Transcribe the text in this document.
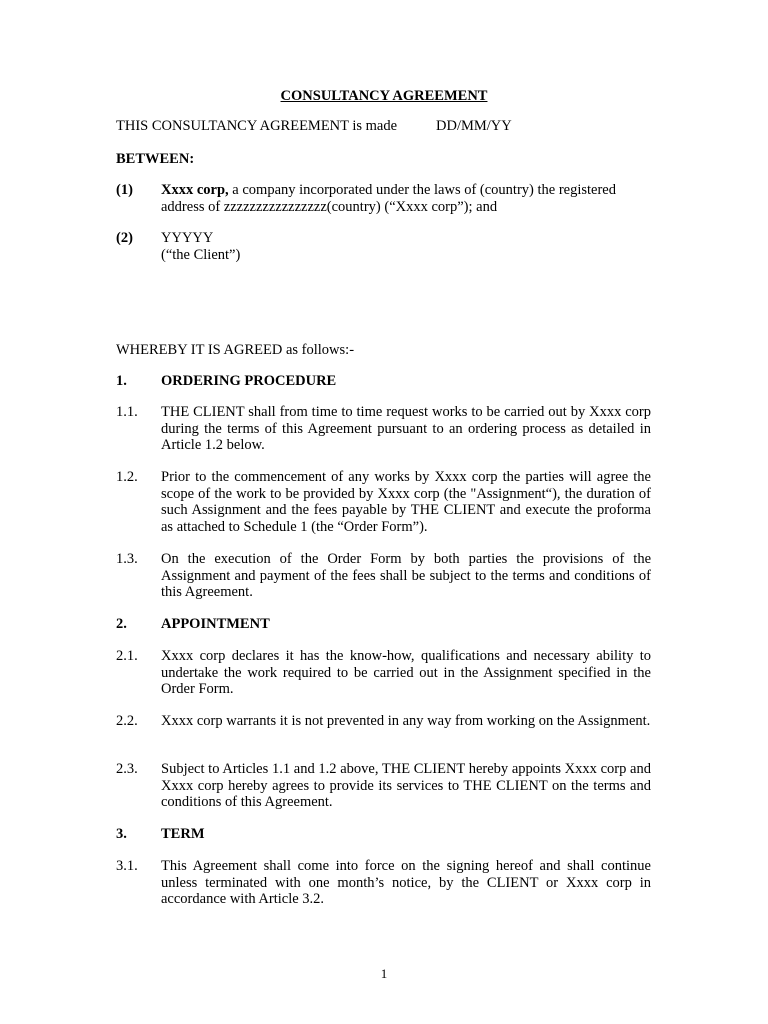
CONSULTANCY AGREEMENT
THIS CONSULTANCY AGREEMENT is made	DD/MM/YY
BETWEEN:
(1) Xxxx corp, a company incorporated under the laws of (country) the registered
address of zzzzzzzzzzzzzzzz(country) (“Xxxx corp”); and
(2) YYYYY
(“the Client”)
WHEREBY IT IS AGREED as follows:-
1. ORDERING PROCEDURE
1.1. THE CLIENT shall from time to time request works to be carried out by Xxxx corp during the terms of this Agreement pursuant to an ordering process as detailed in Article 1.2 below.
1.2. Prior to the commencement of any works by Xxxx corp the parties will agree the scope of the work to be provided by Xxxx corp (the "Assignment“), the duration of such Assignment and the fees payable by THE CLIENT and execute the proforma as attached to Schedule 1 (the “Order Form”).
1.3. On the execution of the Order Form by both parties the provisions of the Assignment and payment of the fees shall be subject to the terms and conditions of this Agreement.
2. APPOINTMENT
2.1. Xxxx corp declares it has the know-how, qualifications and necessary ability to undertake the work required to be carried out in the Assignment specified in the Order Form.
2.2. Xxxx corp warrants it is not prevented in any way from working on the Assignment.
2.3. Subject to Articles 1.1 and 1.2 above, THE CLIENT hereby appoints Xxxx corp and Xxxx corp hereby agrees to provide its services to THE CLIENT on the terms and conditions of this Agreement.
3. TERM
3.1. This Agreement shall come into force on the signing hereof and shall continue unless terminated with one month’s notice, by the CLIENT or Xxxx corp in accordance with Article 3.2.
1
